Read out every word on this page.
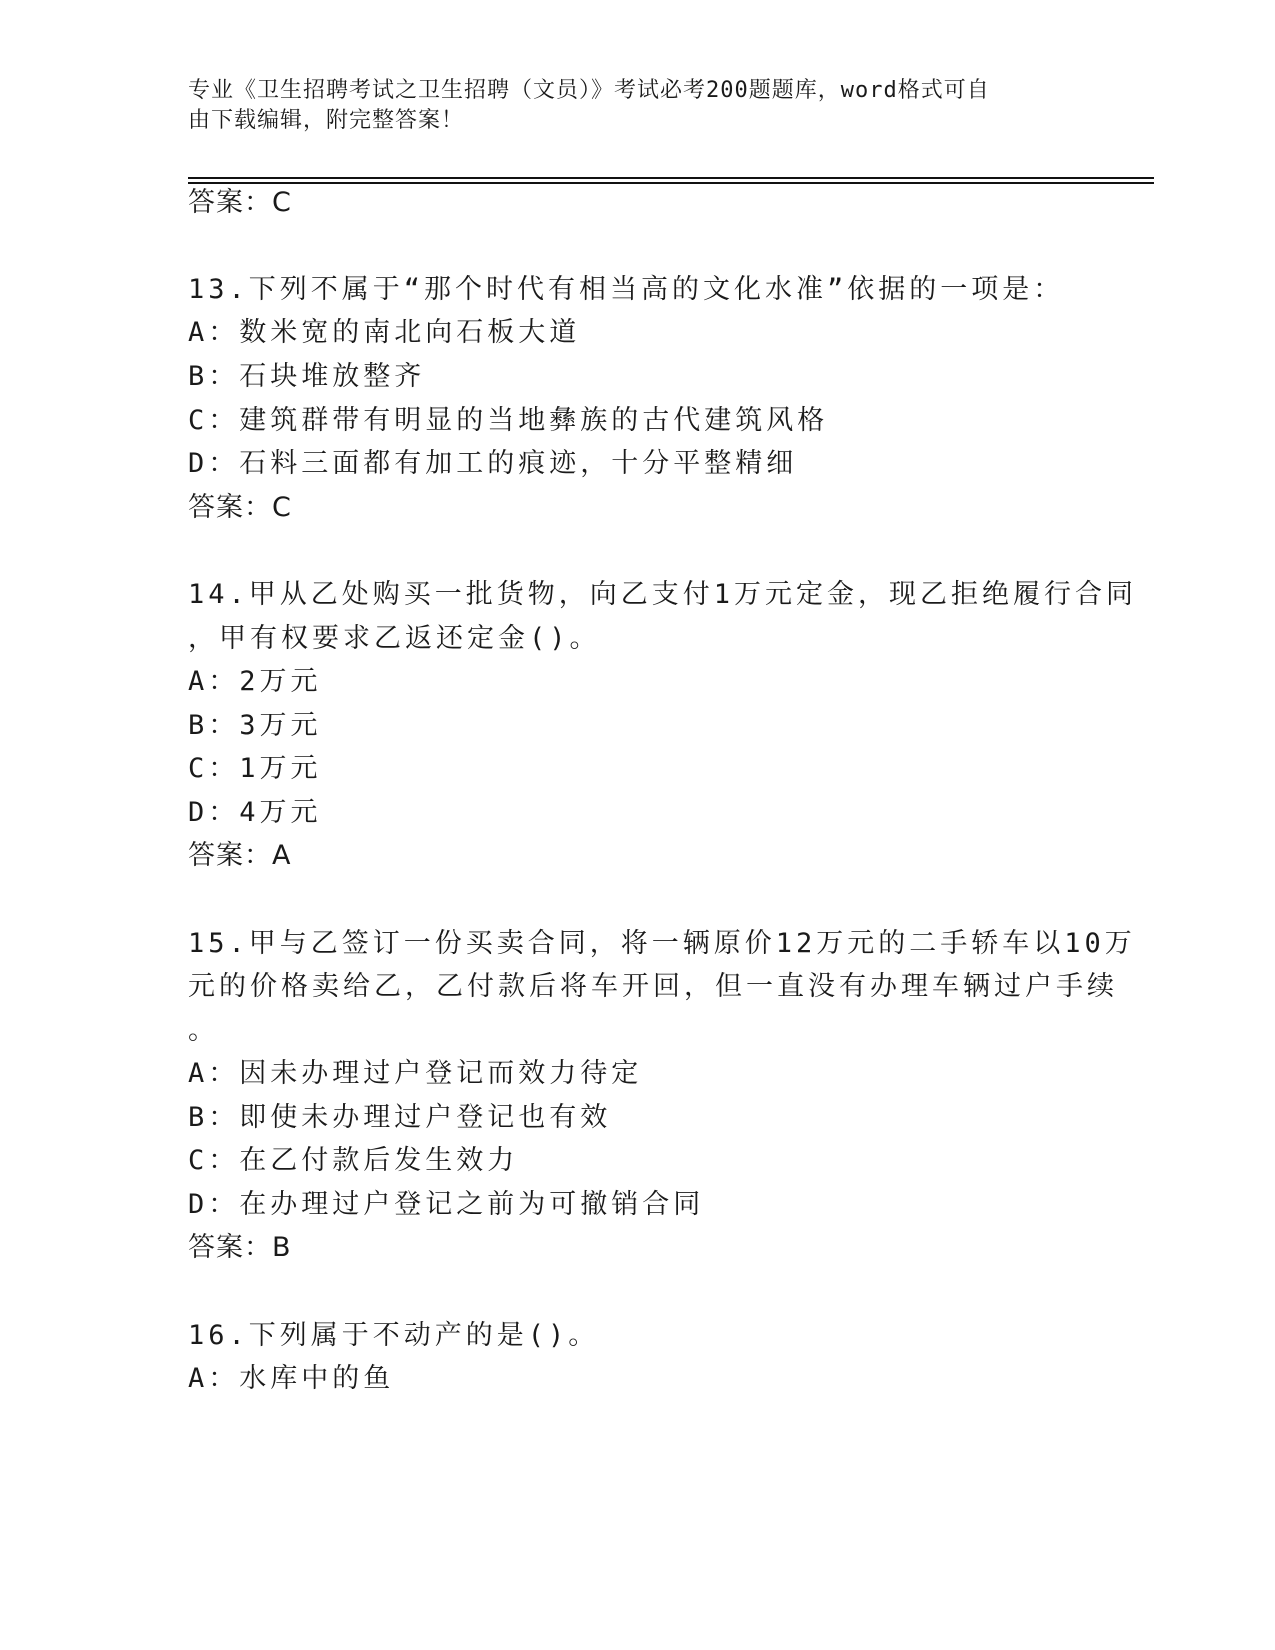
专业《卫生招聘考试之卫生招聘（文员）》考试必考200题题库，word格式可自
由下载编辑，附完整答案！
答案：C
13.下列不属于“那个时代有相当高的文化水准”依据的一项是：
A：数米宽的南北向石板大道
B：石块堆放整齐
C：建筑群带有明显的当地彝族的古代建筑风格
D：石料三面都有加工的痕迹，十分平整精细
答案：C
14.甲从乙处购买一批货物，向乙支付1万元定金，现乙拒绝履行合同
，甲有权要求乙返还定金()。
A：2万元
B：3万元
C：1万元
D：4万元
答案：A
15.甲与乙签订一份买卖合同，将一辆原价12万元的二手轿车以10万
元的价格卖给乙，乙付款后将车开回，但一直没有办理车辆过户手续
。
A：因未办理过户登记而效力待定
B：即使未办理过户登记也有效
C：在乙付款后发生效力
D：在办理过户登记之前为可撤销合同
答案：B
16.下列属于不动产的是()。
A：水库中的鱼
